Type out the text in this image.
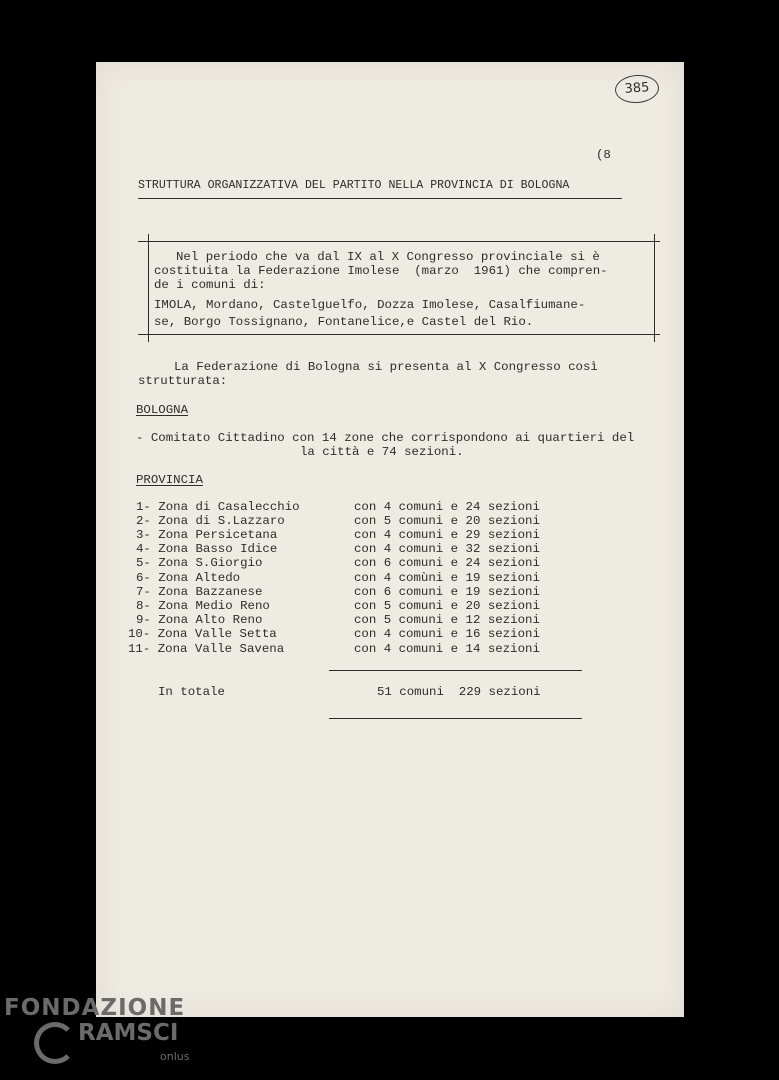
385
(8
STRUTTURA ORGANIZZATIVA DEL PARTITO NELLA PROVINCIA DI BOLOGNA
Nel periodo che va dal IX al X Congresso provinciale si è
costituita la Federazione Imolese  (marzo  1961) che compren-
de i comuni di:
IMOLA, Mordano, Castelguelfo, Dozza Imolese, Casalfiumane-
se, Borgo Tossignano, Fontanelice,e Castel del Rio.
La Federazione di Bologna si presenta al X Congresso così
strutturata:
BOLOGNA
- Comitato Cittadino con 14 zone che corrispondono ai quartieri del
la città e 74 sezioni.
PROVINCIA
1- Zona di Casalecchio	con 4 comuni e 24 sezioni
2- Zona di S.Lazzaro	con 5 comuni e 20 sezioni
3- Zona Persicetana	con 4 comuni e 29 sezioni
4- Zona Basso Idice	con 4 comuni e 32 sezioni
5- Zona S.Giorgio	con 6 comuni e 24 sezioni
6- Zona Altedo	con 4 comùni e 19 sezioni
7- Zona Bazzanese	con 6 comuni e 19 sezioni
8- Zona Medio Reno	con 5 comuni e 20 sezioni
9- Zona Alto Reno	con 5 comuni e 12 sezioni
10- Zona Valle Setta	con 4 comuni e 16 sezioni
11- Zona Valle Savena	con 4 comuni e 14 sezioni
In totale	51 comuni  229 sezioni
FONDAZIONE
RAMSCI
onlus
